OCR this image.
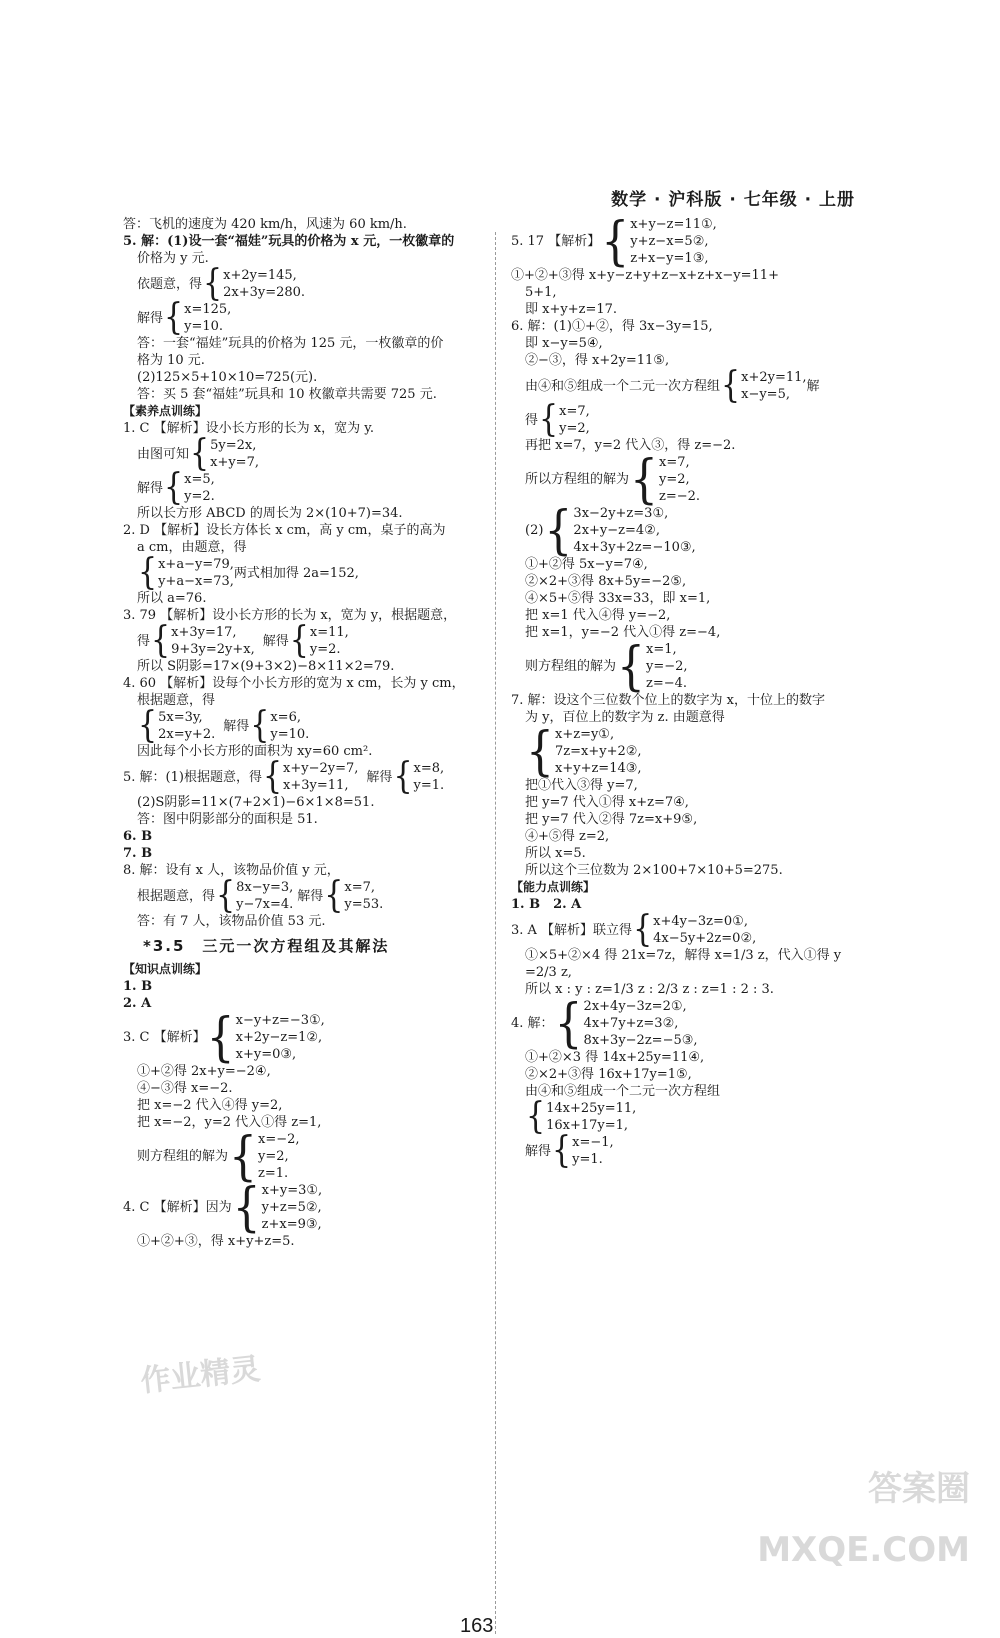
数学 · 沪科版 · 七年级 · 上册
答：飞机的速度为 420 km/h，风速为 60 km/h.
5. 解：(1)设一套“福娃”玩具的价格为 x 元，一枚徽章的
价格为 y 元.
依题意，得 { x+2y=145,
2x+3y=280.
解得 { x=125,
y=10.
答：一套“福娃”玩具的价格为 125 元，一枚徽章的价
格为 10 元.
(2)125×5+10×10=725(元).
答：买 5 套“福娃”玩具和 10 枚徽章共需要 725 元.
【素养点训练】
1. C 【解析】设小长方形的长为 x，宽为 y.
由图可知 { 5y=2x,
x+y=7,
解得 { x=5,
y=2.
所以长方形 ABCD 的周长为 2×(10+7)=34.
2. D 【解析】设长方体长 x cm，高 y cm，桌子的高为
a cm，由题意，得
{ x+a−y=79,
y+a−x=73,
两式相加得 2a=152,
所以 a=76.
3. 79 【解析】设小长方形的长为 x，宽为 y，根据题意，
得 { x+3y=17,
9+3y=2y+x,
解得 { x=11,
y=2.
所以 S阴影=17×(9+3×2)−8×11×2=79.
4. 60 【解析】设每个小长方形的宽为 x cm，长为 y cm，
根据题意，得
{ 5x=3y,
2x=y+2.
解得 { x=6,
y=10.
因此每个小长方形的面积为 xy=60 cm².
5. 解：(1)根据题意，得 { x+y−2y=7,
x+3y=11,
解得 { x=8,
y=1.
(2)S阴影=11×(7+2×1)−6×1×8=51.
答：图中阴影部分的面积是 51.
6. B
7. B
8. 解：设有 x 人，该物品价值 y 元，
根据题意，得 { 8x−y=3,
y−7x=4.
解得 { x=7,
y=53.
答：有 7 人，该物品价值 53 元.
*3.5　三元一次方程组及其解法
【知识点训练】
1. B
2. A
3. C 【解析】 { x−y+z=−3①,
x+2y−z=1②,
x+y=0③,
①+②得 2x+y=−2④,
④−③得 x=−2.
把 x=−2 代入④得 y=2,
把 x=−2，y=2 代入①得 z=1,
则方程组的解为 { x=−2,
y=2,
z=1.
4. C 【解析】因为 { x+y=3①,
y+z=5②,
z+x=9③,
①+②+③，得 x+y+z=5.
5. 17 【解析】 { x+y−z=11①,
y+z−x=5②,
z+x−y=1③,
①+②+③得 x+y−z+y+z−x+z+x−y=11+
5+1,
即 x+y+z=17.
6. 解：(1)①+②，得 3x−3y=15,
即 x−y=5④,
②−③，得 x+2y=11⑤,
由④和⑤组成一个二元一次方程组 { x+2y=11,
x−y=5,
解
得 { x=7,
y=2,
再把 x=7，y=2 代入③，得 z=−2.
所以方程组的解为 { x=7,
y=2,
z=−2.
(2) { 3x−2y+z=3①,
2x+y−z=4②,
4x+3y+2z=−10③,
①+②得 5x−y=7④,
②×2+③得 8x+5y=−2⑤,
④×5+⑤得 33x=33，即 x=1,
把 x=1 代入④得 y=−2,
把 x=1，y=−2 代入①得 z=−4,
则方程组的解为 { x=1,
y=−2,
z=−4.
7. 解：设这个三位数个位上的数字为 x，十位上的数字
为 y，百位上的数字为 z. 由题意得
{ x+z=y①,
7z=x+y+2②,
x+y+z=14③,
把①代入③得 y=7,
把 y=7 代入①得 x+z=7④,
把 y=7 代入②得 7z=x+9⑤,
④+⑤得 z=2,
所以 x=5.
所以这个三位数为 2×100+7×10+5=275.
【能力点训练】
1. B　2. A
3. A 【解析】联立得 { x+4y−3z=0①,
4x−5y+2z=0②,
①×5+②×4 得 21x=7z，解得 x=1/3 z，代入①得 y
=2/3 z,
所以 x : y : z=1/3 z : 2/3 z : z=1 : 2 : 3.
4. 解： { 2x+4y−3z=2①,
4x+7y+z=3②,
8x+3y−2z=−5③,
①+②×3 得 14x+25y=11④,
②×2+③得 16x+17y=1⑤,
由④和⑤组成一个二元一次方程组
{ 14x+25y=11,
16x+17y=1,
解得 { x=−1,
y=1.
163
作业精灵
答案圈
MXQE.COM
